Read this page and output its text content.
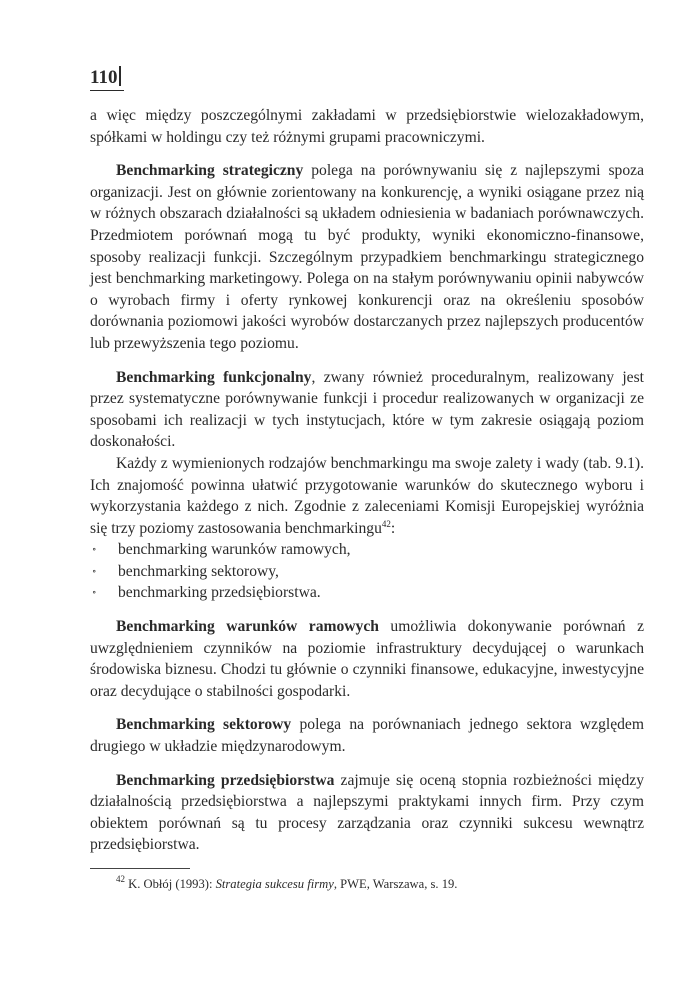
110

a więc między poszczególnymi zakładami w przedsiębiorstwie wielozakładowym, spółkami w holdingu czy też różnymi grupami pracowniczymi.

Benchmarking strategiczny polega na porównywaniu się z najlepszymi spoza organizacji. Jest on głównie zorientowany na konkurencję, a wyniki osiągane przez nią w różnych obszarach działalności są układem odniesienia w badaniach porównawczych. Przedmiotem porównań mogą tu być produkty, wyniki ekonomiczno-finansowe, sposoby realizacji funkcji. Szczególnym przypadkiem benchmarkingu strategicznego jest benchmarking marketingowy. Polega on na stałym porównywaniu opinii nabywców o wyrobach firmy i oferty rynkowej konkurencji oraz na określeniu sposobów dorównania poziomowi jakości wyrobów dostarczanych przez najlepszych producentów lub przewyższenia tego poziomu.

Benchmarking funkcjonalny, zwany również proceduralnym, realizowany jest przez systematyczne porównywanie funkcji i procedur realizowanych w organizacji ze sposobami ich realizacji w tych instytucjach, które w tym zakresie osiągają poziom doskonałości.

Każdy z wymienionych rodzajów benchmarkingu ma swoje zalety i wady (tab. 9.1). Ich znajomość powinna ułatwić przygotowanie warunków do skutecznego wyboru i wykorzystania każdego z nich. Zgodnie z zaleceniami Komisji Europejskiej wyróżnia się trzy poziomy zastosowania benchmarkingu$^{42}$:

∘ benchmarking warunków ramowych,
∘ benchmarking sektorowy,
∘ benchmarking przedsiębiorstwa.

Benchmarking warunków ramowych umożliwia dokonywanie porównań z uwzględnieniem czynników na poziomie infrastruktury decydującej o warunkach środowiska biznesu. Chodzi tu głównie o czynniki finansowe, edukacyjne, inwestycyjne oraz decydujące o stabilności gospodarki.

Benchmarking sektorowy polega na porównaniach jednego sektora względem drugiego w układzie międzynarodowym.

Benchmarking przedsiębiorstwa zajmuje się oceną stopnia rozbieżności między działalnością przedsiębiorstwa a najlepszymi praktykami innych firm. Przy czym obiektem porównań są tu procesy zarządzania oraz czynniki sukcesu wewnątrz przedsiębiorstwa.

$^{42}$ K. Obłój (1993): Strategia sukcesu firmy, PWE, Warszawa, s. 19.
